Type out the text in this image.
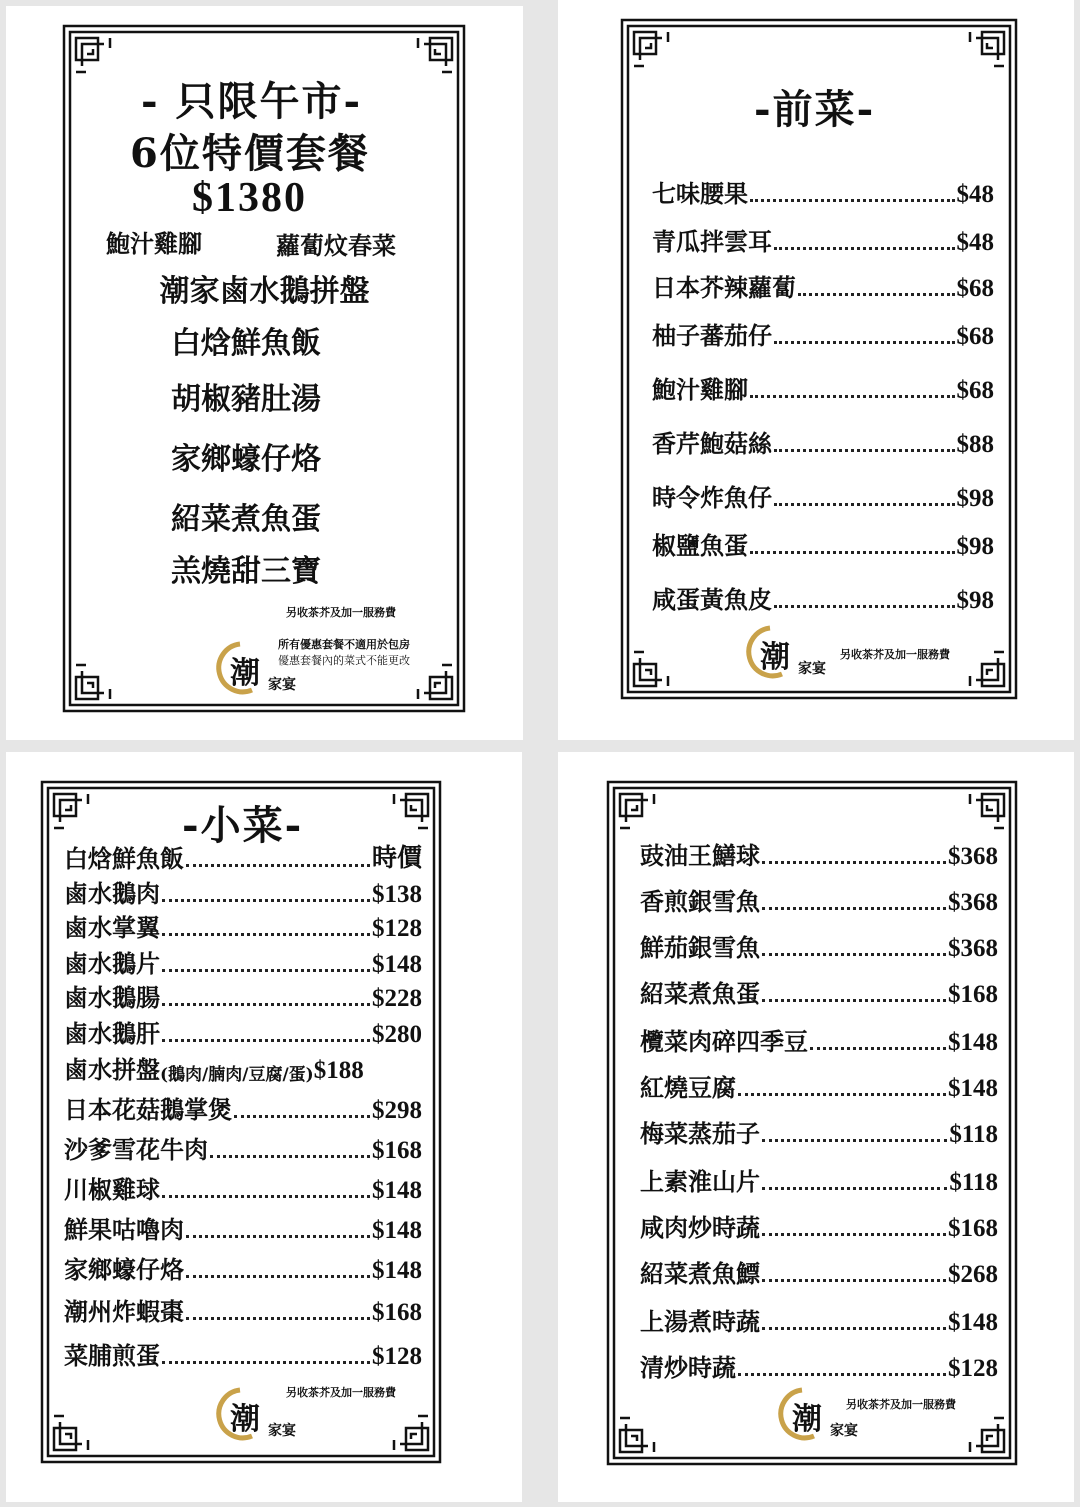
- 只限午市-
6位特價套餐
$1380
鮑汁雞腳	蘿蔔炆春菜
潮家鹵水鵝拼盤
白焓鮮魚飯
胡椒豬肚湯
家鄉蠔仔烙
紹菜煮魚蛋
羔燒甜三寶
另收茶芥及加一服務費
所有優惠套餐不適用於包房
優惠套餐內的菜式不能更改
潮 家宴
-前菜-
七味腰果	$48
青瓜拌雲耳	$48
日本芥辣蘿蔔	$68
柚子蕃茄仔	$68
鮑汁雞腳	$68
香芹鮑菇絲	$88
時令炸魚仔	$98
椒鹽魚蛋	$98
咸蛋黃魚皮	$98
潮 家宴
另收茶芥及加一服務費
-小菜-
白焓鮮魚飯	時價
鹵水鵝肉	$138
鹵水掌翼	$128
鹵水鵝片	$148
鹵水鵝腸	$228
鹵水鵝肝	$280
鹵水拼盤 (鵝肉/腩肉/豆腐/蛋) $188
日本花菇鵝掌煲	$298
沙爹雪花牛肉	$168
川椒雞球	$148
鮮果咕嚕肉	$148
家鄉蠔仔烙	$148
潮州炸蝦棗	$168
菜脯煎蛋	$128
潮 家宴
另收茶芥及加一服務費
豉油王鱔球	$368
香煎銀雪魚	$368
鮮茄銀雪魚	$368
紹菜煮魚蛋	$168
欖菜肉碎四季豆	$148
紅燒豆腐	$148
梅菜蒸茄子	$118
上素淮山片	$118
咸肉炒時蔬	$168
紹菜煮魚鰾	$268
上湯煮時蔬	$148
清炒時蔬	$128
潮 家宴
另收茶芥及加一服務費
